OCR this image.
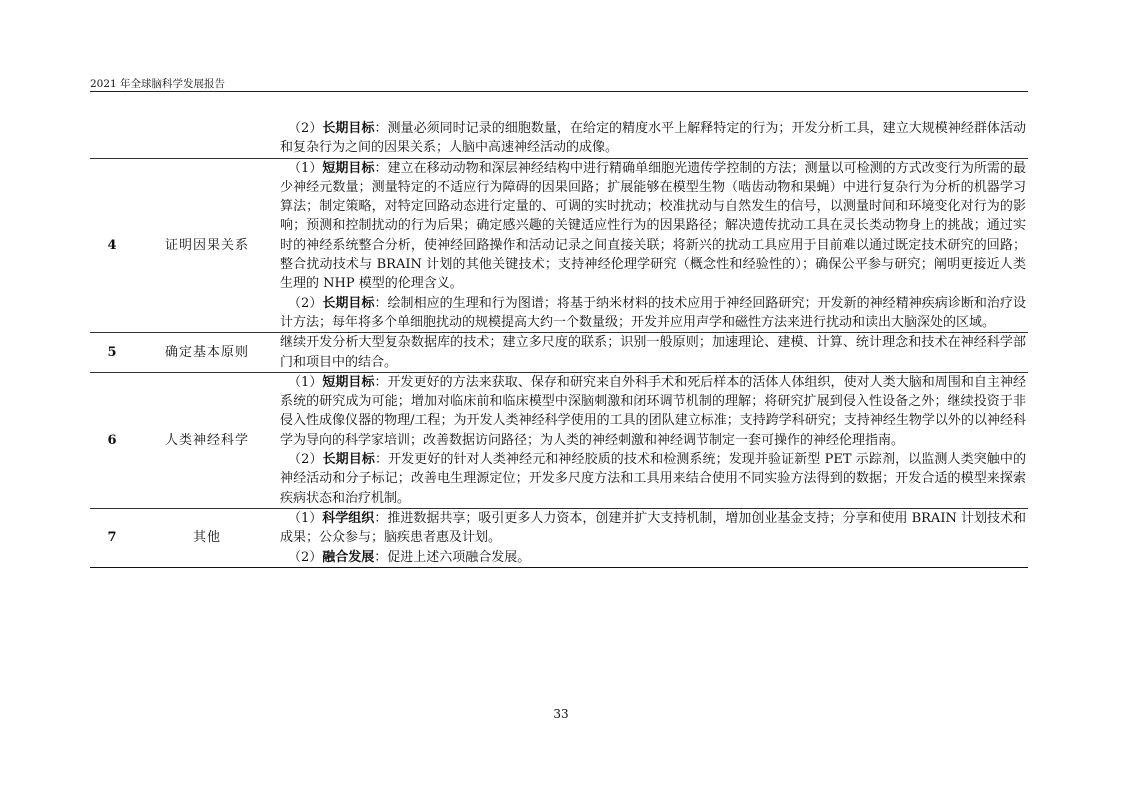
2021 年全球脑科学发展报告

		（2）长期目标：测量必须同时记录的细胞数量，在给定的精度水平上解释特定的行为；开发分析工具，建立大规模神经群体活动和复杂行为之间的因果关系；人脑中高速神经活动的成像。

4	证明因果关系	（1）短期目标：建立在移动动物和深层神经结构中进行精确单细胞光遗传学控制的方法；测量以可检测的方式改变行为所需的最少神经元数量；测量特定的不适应行为障碍的因果回路；扩展能够在模型生物（啮齿动物和果蝇）中进行复杂行为分析的机器学习算法；制定策略，对特定回路动态进行定量的、可调的实时扰动；校准扰动与自然发生的信号，以测量时间和环境变化对行为的影响；预测和控制扰动的行为后果；确定感兴趣的关键适应性行为的因果路径；解决遗传扰动工具在灵长类动物身上的挑战；通过实时的神经系统整合分析，使神经回路操作和活动记录之间直接关联；将新兴的扰动工具应用于目前难以通过既定技术研究的回路；整合扰动技术与 BRAIN 计划的其他关键技术；支持神经伦理学研究（概念性和经验性的）；确保公平参与研究；阐明更接近人类生理的 NHP 模型的伦理含义。
（2）长期目标：绘制相应的生理和行为图谱；将基于纳米材料的技术应用于神经回路研究；开发新的神经精神疾病诊断和治疗设计方法；每年将多个单细胞扰动的规模提高大约一个数量级；开发并应用声学和磁性方法来进行扰动和读出大脑深处的区域。

5	确定基本原则	继续开发分析大型复杂数据库的技术；建立多尺度的联系；识别一般原则；加速理论、建模、计算、统计理念和技术在神经科学部门和项目中的结合。

6	人类神经科学	（1）短期目标：开发更好的方法来获取、保存和研究来自外科手术和死后样本的活体人体组织，使对人类大脑和周围和自主神经系统的研究成为可能；增加对临床前和临床模型中深脑刺激和闭环调节机制的理解；将研究扩展到侵入性设备之外；继续投资于非侵入性成像仪器的物理/工程；为开发人类神经科学使用的工具的团队建立标准；支持跨学科研究；支持神经生物学以外的以神经科学为导向的科学家培训；改善数据访问路径；为人类的神经刺激和神经调节制定一套可操作的神经伦理指南。
（2）长期目标：开发更好的针对人类神经元和神经胶质的技术和检测系统；发现并验证新型 PET 示踪剂，以监测人类突触中的神经活动和分子标记；改善电生理源定位；开发多尺度方法和工具用来结合使用不同实验方法得到的数据；开发合适的模型来探索疾病状态和治疗机制。

7	其他	（1）科学组织：推进数据共享；吸引更多人力资本，创建并扩大支持机制，增加创业基金支持；分享和使用 BRAIN 计划技术和成果；公众参与；脑疾患者惠及计划。
（2）融合发展：促进上述六项融合发展。
33
